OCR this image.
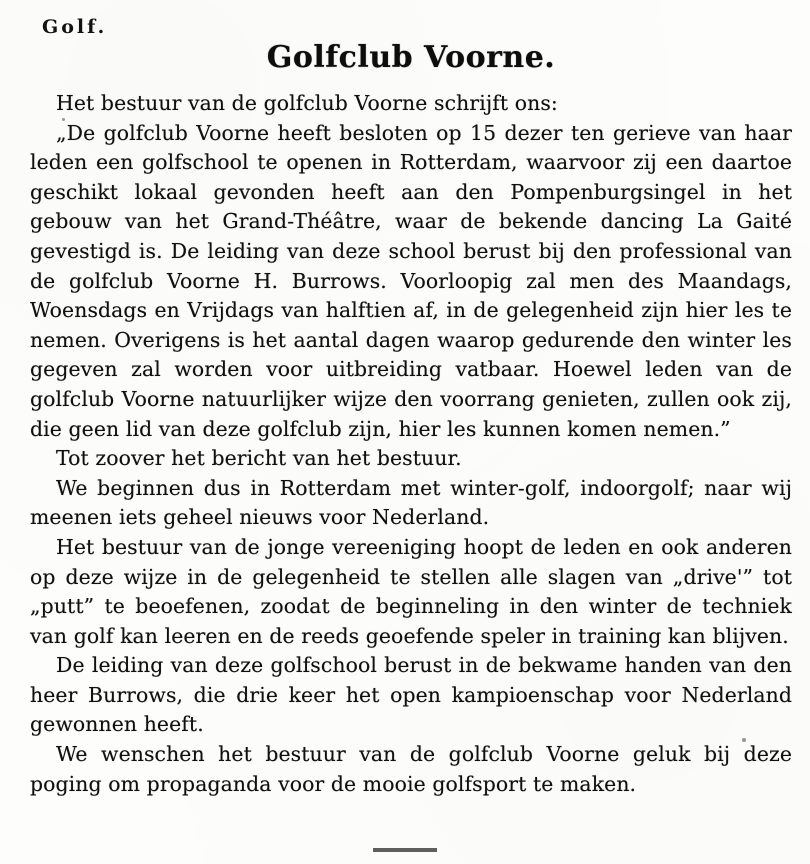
Golf.
Golfclub Voorne.

Het bestuur van de golfclub Voorne schrijft ons:

„De golfclub Voorne heeft besloten op 15 dezer ten gerieve van haar leden een golfschool te openen in Rotterdam, waarvoor zij een daartoe geschikt lokaal gevonden heeft aan den Pompenburgsingel in het gebouw van het Grand-Théâtre, waar de bekende dancing La Gaité gevestigd is. De leiding van deze school berust bij den professional van de golfclub Voorne H. Burrows. Voorloopig zal men des Maandags, Woensdags en Vrijdags van halftien af, in de gelegenheid zijn hier les te nemen. Overigens is het aantal dagen waarop gedurende den winter les gegeven zal worden voor uitbreiding vatbaar. Hoewel leden van de golfclub Voorne natuurlijker wijze den voorrang genieten, zullen ook zij, die geen lid van deze golfclub zijn, hier les kunnen komen nemen.”

Tot zoover het bericht van het bestuur.

We beginnen dus in Rotterdam met winter-golf, indoorgolf; naar wij meenen iets geheel nieuws voor Nederland.

Het bestuur van de jonge vereeniging hoopt de leden en ook anderen op deze wijze in de gelegenheid te stellen alle slagen van „drive'” tot „putt” te beoefenen, zoodat de beginneling in den winter de techniek van golf kan leeren en de reeds geoefende speler in training kan blijven.

De leiding van deze golfschool berust in de bekwame handen van den heer Burrows, die drie keer het open kampioenschap voor Nederland gewonnen heeft.

We wenschen het bestuur van de golfclub Voorne geluk bij deze poging om propaganda voor de mooie golfsport te maken.
